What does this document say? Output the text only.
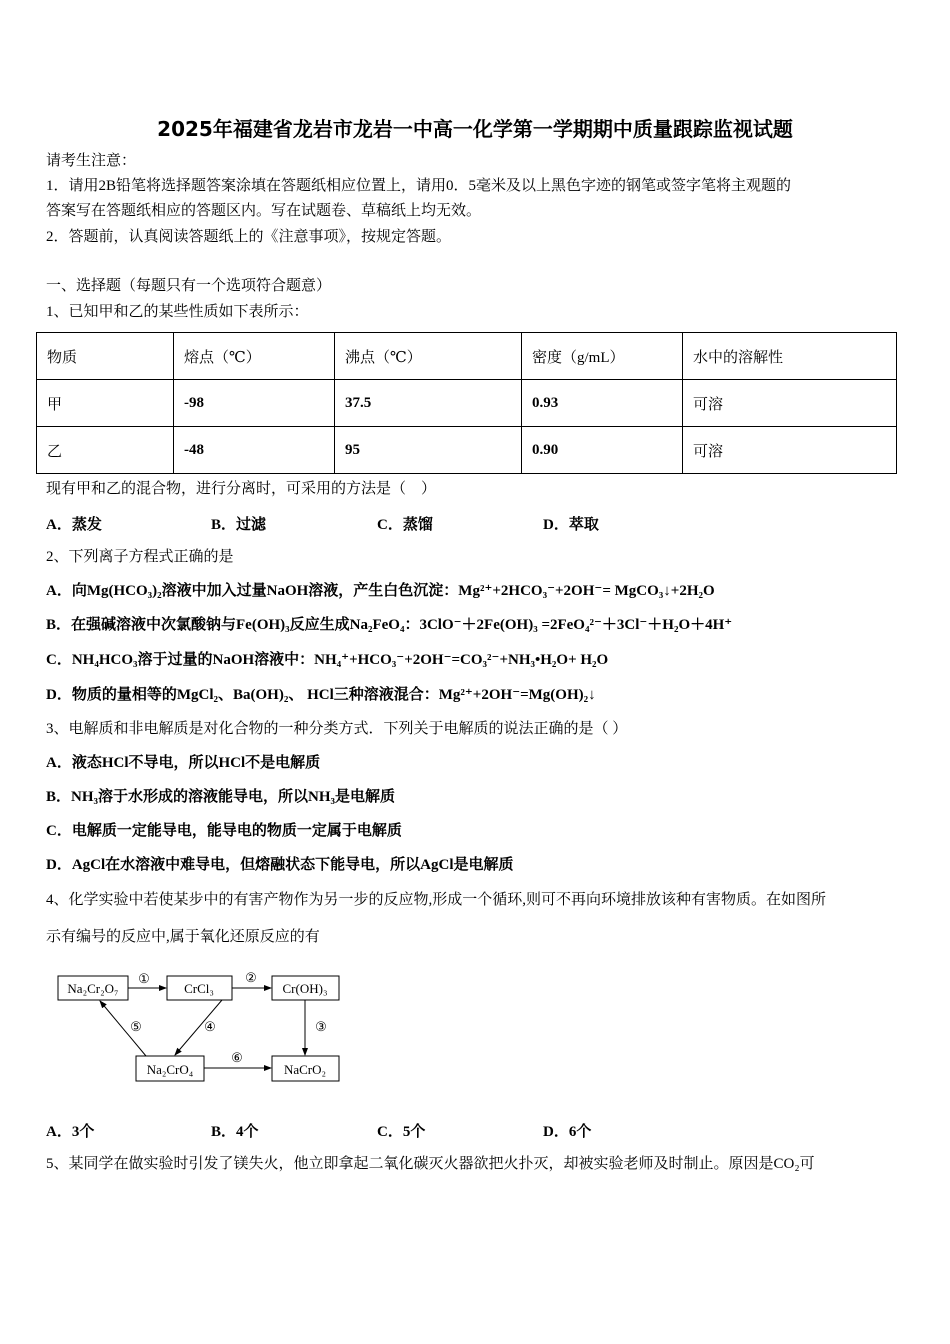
2025年福建省龙岩市龙岩一中高一化学第一学期期中质量跟踪监视试题
请考生注意：
1．请用2B铅笔将选择题答案涂填在答题纸相应位置上，请用0．5毫米及以上黑色字迹的钢笔或签字笔将主观题的
答案写在答题纸相应的答题区内。写在试题卷、草稿纸上均无效。
2．答题前，认真阅读答题纸上的《注意事项》，按规定答题。
一、选择题（每题只有一个选项符合题意）
1、已知甲和乙的某些性质如下表所示：
物质	熔点（℃）	沸点（℃）	密度（g/mL）	水中的溶解性
甲	-98	37.5	0.93	可溶
乙	-48	95	0.90	可溶
现有甲和乙的混合物，进行分离时，可采用的方法是（　）
A．蒸发	B．过滤	C．蒸馏	D．萃取
2、下列离子方程式正确的是
A．向Mg(HCO₃)₂溶液中加入过量NaOH溶液，产生白色沉淀：Mg²⁺+2HCO₃⁻+2OH⁻= MgCO₃↓+2H₂O
B．在强碱溶液中次氯酸钠与Fe(OH)₃反应生成Na₂FeO₄：3ClO⁻＋2Fe(OH)₃ =2FeO₄²⁻＋3Cl⁻＋H₂O＋4H⁺
C．NH₄HCO₃溶于过量的NaOH溶液中：NH₄⁺+HCO₃⁻+2OH⁻=CO₃²⁻+NH₃•H₂O+ H₂O
D．物质的量相等的MgCl₂、Ba(OH)₂、 HCl三种溶液混合：Mg²⁺+2OH⁻=Mg(OH)₂↓
3、电解质和非电解质是对化合物的一种分类方式．下列关于电解质的说法正确的是（ ）
A．液态HCl不导电，所以HCl不是电解质
B．NH₃溶于水形成的溶液能导电，所以NH₃是电解质
C．电解质一定能导电，能导电的物质一定属于电解质
D．AgCl在水溶液中难导电，但熔融状态下能导电，所以AgCl是电解质
4、化学实验中若使某步中的有害产物作为另一步的反应物,形成一个循环,则可不再向环境排放该种有害物质。在如图所
示有编号的反应中,属于氧化还原反应的有
Na₂Cr₂O₇	CrCl₃	Cr(OH)₃
Na₂CrO₄	NaCrO₂
①	②
③
④
⑤
⑥
A．3个	B．4个	C．5个	D．6个
5、某同学在做实验时引发了镁失火，他立即拿起二氧化碳灭火器欲把火扑灭，却被实验老师及时制止。原因是CO₂可
